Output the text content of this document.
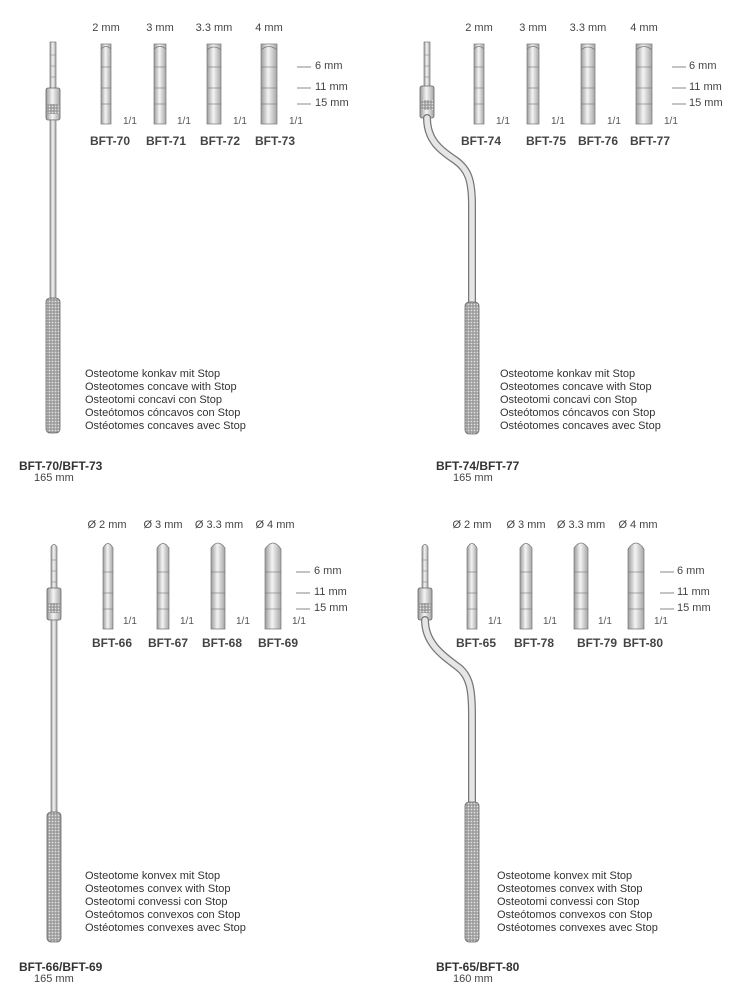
2 mm 3 mm 3.3 mm 4 mm
1/1	1/1	1/1	1/1
6 mm
11 mm
15 mm
BFT-70 BFT-71 BFT-72 BFT-73
Osteotome konkav mit Stop
Osteotomes concave with Stop
Osteotomi concavi con Stop
Osteótomos cóncavos con Stop
Ostéotomes concaves avec Stop
BFT-70/BFT-73
165 mm
2 mm 3 mm 3.3 mm 4 mm
1/1	1/1	1/1	1/1
6 mm
11 mm
15 mm
BFT-74 BFT-75 BFT-76 BFT-77
Osteotome konkav mit Stop
Osteotomes concave with Stop
Osteotomi concavi con Stop
Osteótomos cóncavos con Stop
Ostéotomes concaves avec Stop
BFT-74/BFT-77
165 mm
Ø 2 mm Ø 3 mm Ø 3.3 mm Ø 4 mm
1/1	1/1	1/1	1/1
6 mm
11 mm
15 mm
BFT-66 BFT-67 BFT-68 BFT-69
Osteotome konvex mit Stop
Osteotomes convex with Stop
Osteotomi convessi con Stop
Osteótomos convexos con Stop
Ostéotomes convexes avec Stop
BFT-66/BFT-69
165 mm
Ø 2 mm Ø 3 mm Ø 3.3 mm Ø 4 mm
1/1	1/1	1/1	1/1
6 mm
11 mm
15 mm
BFT-65 BFT-78 BFT-79 BFT-80
Osteotome konvex mit Stop
Osteotomes convex with Stop
Osteotomi convessi con Stop
Osteótomos convexos con Stop
Ostéotomes convexes avec Stop
BFT-65/BFT-80
160 mm
